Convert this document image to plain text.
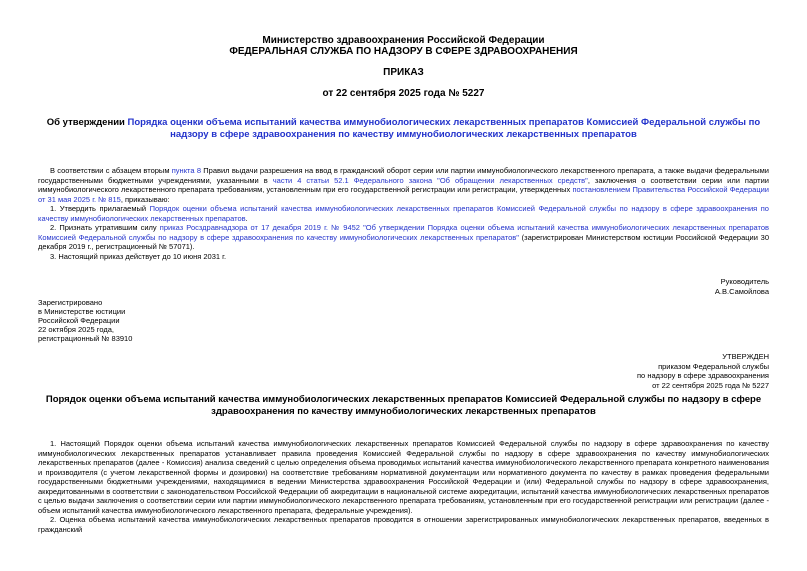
Министерство здравоохранения Российской Федерации
ФЕДЕРАЛЬНАЯ СЛУЖБА ПО НАДЗОРУ В СФЕРЕ ЗДРАВООХРАНЕНИЯ
ПРИКАЗ
от 22 сентября 2025 года № 5227
Об утверждении Порядка оценки объема испытаний качества иммунобиологических лекарственных препаратов Комиссией Федеральной службы по надзору в сфере здравоохранения по качеству иммунобиологических лекарственных препаратов
В соответствии с абзацем вторым пункта 8 Правил выдачи разрешения на ввод в гражданский оборот серии или партии иммунобиологического лекарственного препарата, а также выдачи федеральными государственными бюджетными учреждениями, указанными в части 4 статьи 52.1 Федерального закона "Об обращении лекарственных средств", заключения о соответствии серии или партии иммунобиологического лекарственного препарата требованиям, установленным при его государственной регистрации или регистрации, утвержденных постановлением Правительства Российской Федерации от 31 мая 2025 г. № 815, приказываю:
1. Утвердить прилагаемый Порядок оценки объема испытаний качества иммунобиологических лекарственных препаратов Комиссией Федеральной службы по надзору в сфере здравоохранения по качеству иммунобиологических лекарственных препаратов.
2. Признать утратившим силу приказ Росздравнадзора от 17 декабря 2019 г. № 9452 "Об утверждении Порядка оценки объема испытаний качества иммунобиологических лекарственных препаратов Комиссией Федеральной службы по надзору в сфере здравоохранения по качеству иммунобиологических лекарственных препаратов" (зарегистрирован Министерством юстиции Российской Федерации 30 декабря 2019 г., регистрационный № 57071).
3. Настоящий приказ действует до 10 июня 2031 г.
Руководитель
А.В.Самойлова
Зарегистрировано
в Министерстве юстиции
Российской Федерации
22 октября 2025 года,
регистрационный № 83910
УТВЕРЖДЕН
приказом Федеральной службы
по надзору в сфере здравоохранения
от 22 сентября 2025 года № 5227
Порядок оценки объема испытаний качества иммунобиологических лекарственных препаратов Комиссией Федеральной службы по надзору в сфере здравоохранения по качеству иммунобиологических лекарственных препаратов
1. Настоящий Порядок оценки объема испытаний качества иммунобиологических лекарственных препаратов Комиссией Федеральной службы по надзору в сфере здравоохранения по качеству иммунобиологических лекарственных препаратов устанавливает правила проведения Комиссией Федеральной службы по надзору в сфере здравоохранения по качеству иммунобиологических лекарственных препаратов (далее - Комиссия) анализа сведений с целью определения объема проводимых испытаний качества иммунобиологического лекарственного препарата конкретного наименования и производителя (с учетом лекарственной формы и дозировки) на соответствие требованиям нормативной документации или нормативного документа по качеству в рамках проведения федеральными государственными бюджетными учреждениями, находящимися в ведении Министерства здравоохранения Российской Федерации и (или) Федеральной службы по надзору в сфере здравоохранения, аккредитованными в соответствии с законодательством Российской Федерации об аккредитации в национальной системе аккредитации, испытаний качества иммунобиологических лекарственных препаратов с целью выдачи заключения о соответствии серии или партии иммунобиологического лекарственного препарата требованиям, установленным при его государственной регистрации или регистрации (далее - объем испытаний качества иммунобиологического лекарственного препарата, федеральные учреждения).
2. Оценка объема испытаний качества иммунобиологических лекарственных препаратов проводится в отношении зарегистрированных иммунобиологических лекарственных препаратов, введенных в гражданский
